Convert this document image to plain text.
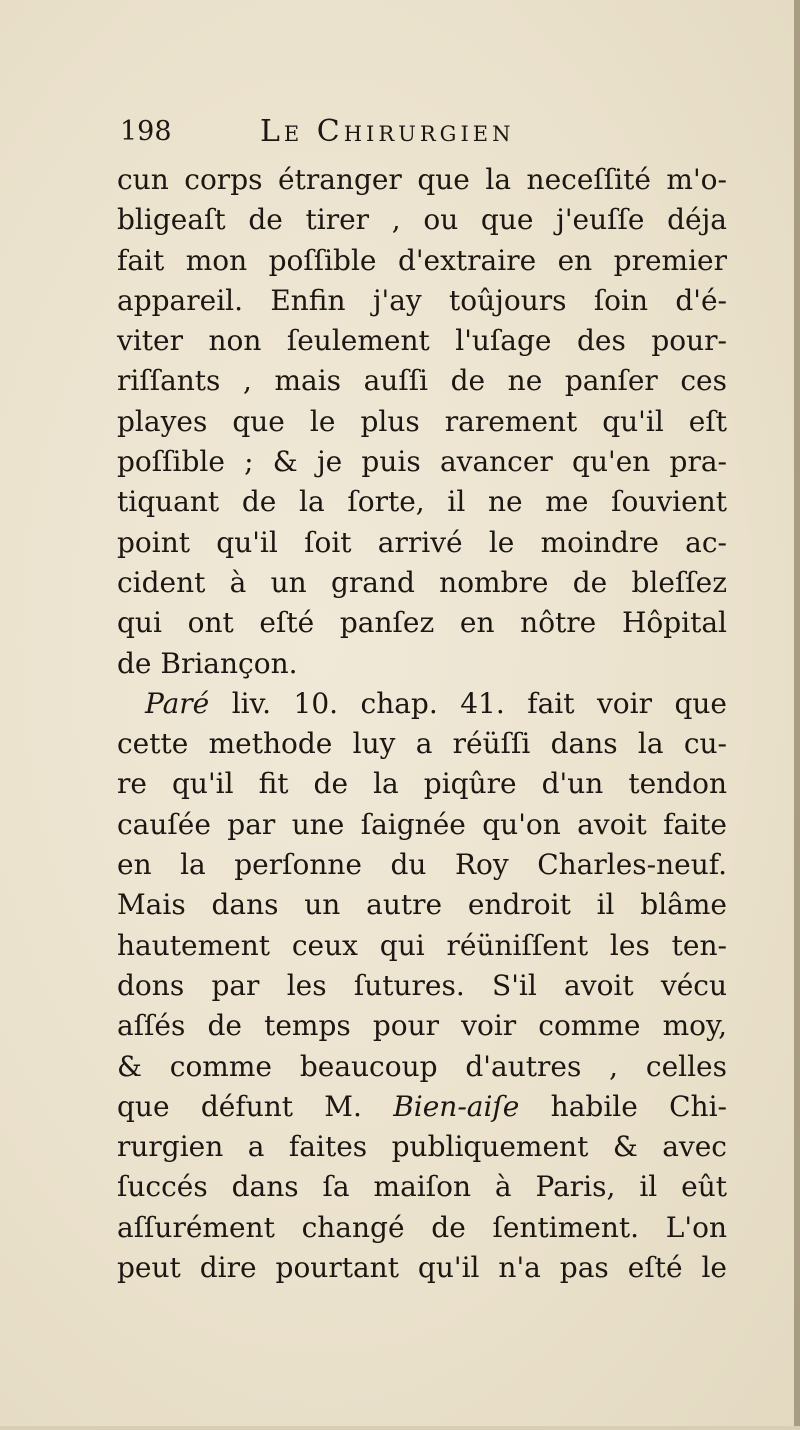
198	Le Chirurgien
cun corps étranger que la neceſſité m'o-
bligeaſt de tirer , ou que j'euſſe déja
fait mon poſſible d'extraire en premier
appareil. Enfin j'ay toûjours ſoin d'é-
viter non ſeulement l'uſage des pour-
riſſants , mais auſſi de ne panſer ces
playes que le plus rarement qu'il eſt
poſſible ; & je puis avancer qu'en pra-
tiquant de la ſorte, il ne me ſouvient
point qu'il ſoit arrivé le moindre ac-
cident à un grand nombre de bleſſez
qui ont eſté panſez en nôtre Hôpital
de Briançon.
Paré liv. 10. chap. 41. fait voir que
cette methode luy a réüſſi dans la cu-
re qu'il fit de la piqûre d'un tendon
cauſée par une ſaignée qu'on avoit faite
en la perſonne du Roy Charles-neuf.
Mais dans un autre endroit il blâme
hautement ceux qui réüniſſent les ten-
dons par les ſutures. S'il avoit vécu
aſſés de temps pour voir comme moy,
& comme beaucoup d'autres , celles
que défunt M. Bien-aiſe habile Chi-
rurgien a faites publiquement & avec
ſuccés dans ſa maiſon à Paris, il eût
aſſurément changé de ſentiment. L'on
peut dire pourtant qu'il n'a pas eſté le
